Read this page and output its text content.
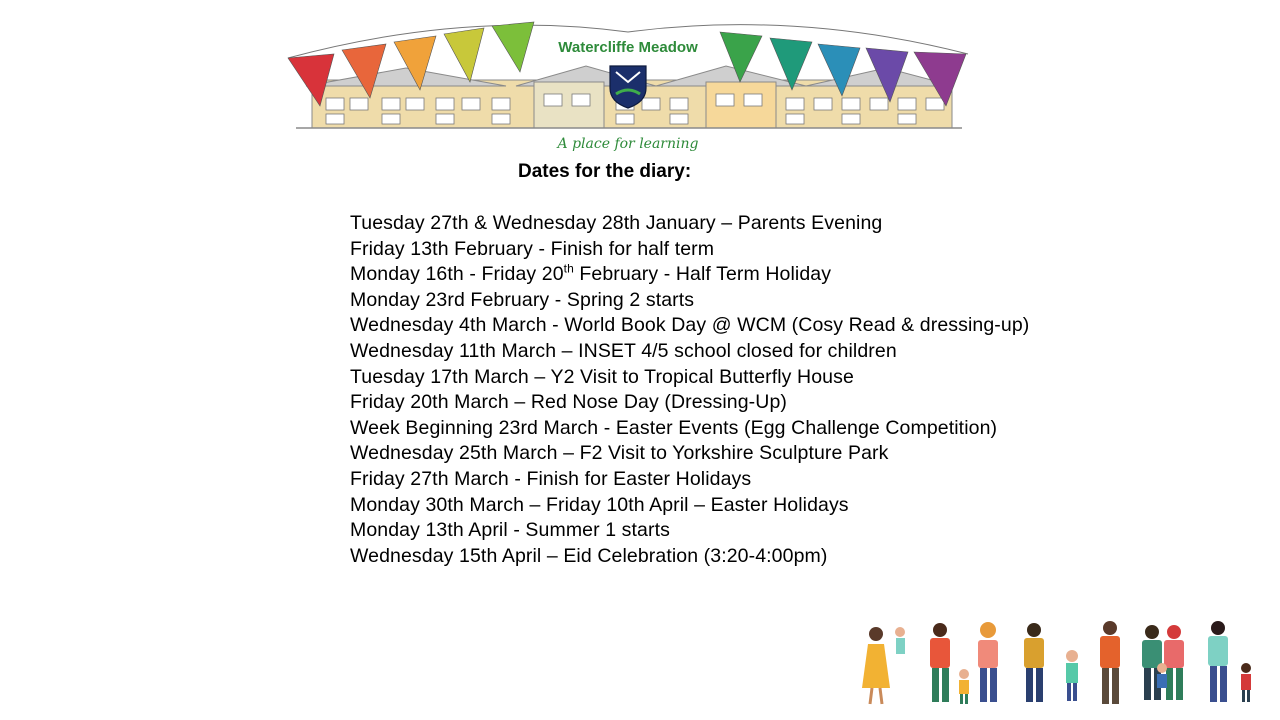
Watercliffe Meadow
A place for learning
Dates for the diary:
Tuesday 27th & Wednesday 28th January – Parents Evening
Friday 13th February - Finish for half term
Monday 16th - Friday 20th February - Half Term Holiday
Monday 23rd February - Spring 2 starts
Wednesday 4th March - World Book Day @ WCM (Cosy Read & dressing-up)
Wednesday 11th March – INSET 4/5 school closed for children
Tuesday 17th March – Y2 Visit to Tropical Butterfly House
Friday 20th March – Red Nose Day (Dressing-Up)
Week Beginning 23rd March - Easter Events (Egg Challenge Competition)
Wednesday 25th March – F2 Visit to Yorkshire Sculpture Park
Friday 27th March - Finish for Easter Holidays
Monday 30th March – Friday 10th April – Easter Holidays
Monday 13th April - Summer 1 starts
Wednesday 15th April – Eid Celebration (3:20-4:00pm)
